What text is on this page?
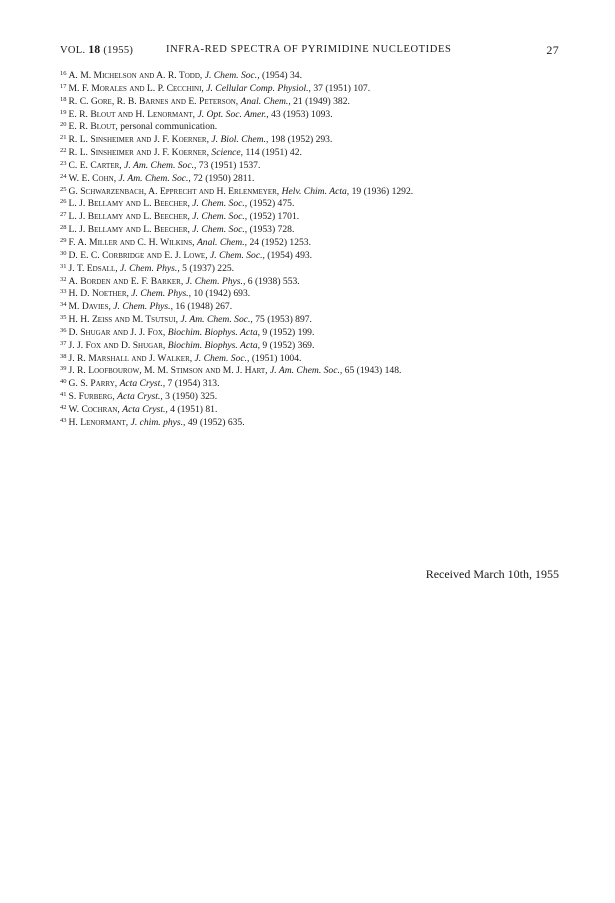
VOL. 18 (1955)	INFRA-RED SPECTRA OF PYRIMIDINE NUCLEOTIDES	27
$^{16}$ A. M. Michelson and A. R. Todd, J. Chem. Soc., (1954) 34.
$^{17}$ M. F. Morales and L. P. Cecchini, J. Cellular Comp. Physiol., 37 (1951) 107.
$^{18}$ R. C. Gore, R. B. Barnes and E. Peterson, Anal. Chem., 21 (1949) 382.
$^{19}$ E. R. Blout and H. Lenormant, J. Opt. Soc. Amer., 43 (1953) 1093.
$^{20}$ E. R. Blout, personal communication.
$^{21}$ R. L. Sinsheimer and J. F. Koerner, J. Biol. Chem., 198 (1952) 293.
$^{22}$ R. L. Sinsheimer and J. F. Koerner, Science, 114 (1951) 42.
$^{23}$ C. E. Carter, J. Am. Chem. Soc., 73 (1951) 1537.
$^{24}$ W. E. Cohn, J. Am. Chem. Soc., 72 (1950) 2811.
$^{25}$ G. Schwarzenbach, A. Epprecht and H. Erlenmeyer, Helv. Chim. Acta, 19 (1936) 1292.
$^{26}$ L. J. Bellamy and L. Beecher, J. Chem. Soc., (1952) 475.
$^{27}$ L. J. Bellamy and L. Beecher, J. Chem. Soc., (1952) 1701.
$^{28}$ L. J. Bellamy and L. Beecher, J. Chem. Soc., (1953) 728.
$^{29}$ F. A. Miller and C. H. Wilkins, Anal. Chem., 24 (1952) 1253.
$^{30}$ D. E. C. Corbridge and E. J. Lowe, J. Chem. Soc., (1954) 493.
$^{31}$ J. T. Edsall, J. Chem. Phys., 5 (1937) 225.
$^{32}$ A. Borden and E. F. Barker, J. Chem. Phys., 6 (1938) 553.
$^{33}$ H. D. Noether, J. Chem. Phys., 10 (1942) 693.
$^{34}$ M. Davies, J. Chem. Phys., 16 (1948) 267.
$^{35}$ H. H. Zeiss and M. Tsutsui, J. Am. Chem. Soc., 75 (1953) 897.
$^{36}$ D. Shugar and J. J. Fox, Biochim. Biophys. Acta, 9 (1952) 199.
$^{37}$ J. J. Fox and D. Shugar, Biochim. Biophys. Acta, 9 (1952) 369.
$^{38}$ J. R. Marshall and J. Walker, J. Chem. Soc., (1951) 1004.
$^{39}$ J. R. Loofbourow, M. M. Stimson and M. J. Hart, J. Am. Chem. Soc., 65 (1943) 148.
$^{40}$ G. S. Parry, Acta Cryst., 7 (1954) 313.
$^{41}$ S. Furberg, Acta Cryst., 3 (1950) 325.
$^{42}$ W. Cochran, Acta Cryst., 4 (1951) 81.
$^{43}$ H. Lenormant, J. chim. phys., 49 (1952) 635.
Received March 10th, 1955
